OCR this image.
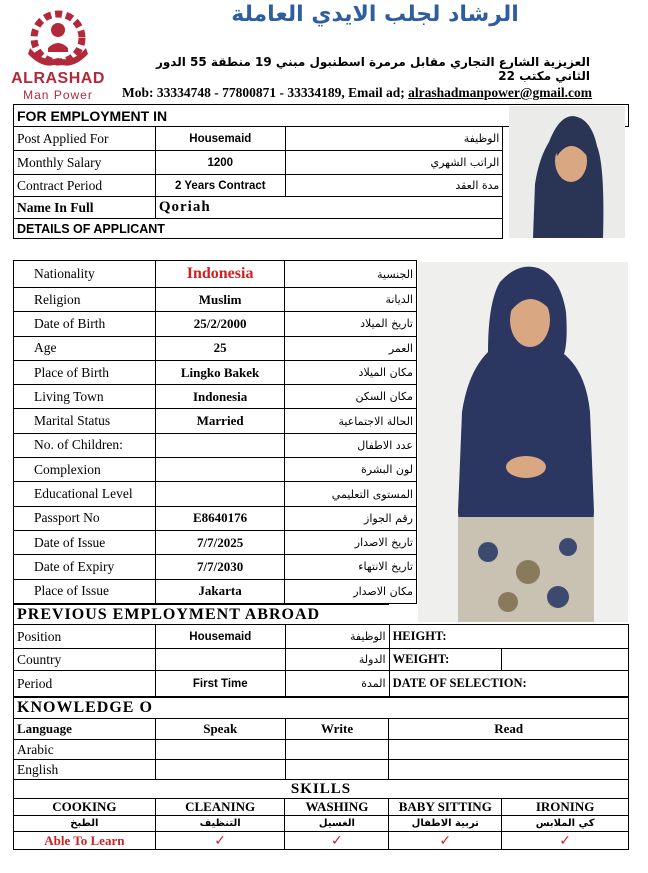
ALRASHAD
Man Power
الرشاد لجلب الايدي العاملة
العزيزية الشارع التجاري مقابل مرمرة اسطنبول مبني 19 منطقة 55 الدور الثاني مكتب 22
Mob: 33334748 - 77800871 - 33334189, Email ad; alrashadmanpower@gmail.com
FOR EMPLOYMENT IN			
Post Applied For	Housemaid	الوظيفة	
Monthly Salary	1200	الراتب الشهري	
Contract Period	2 Years Contract	مدة العقد	
Name In Full	Qoriah		
DETAILS OF APPLICANT			
Nationality	Indonesia	الجنسية
Religion	Muslim	الديانة
Date of Birth	25/2/2000	تاريخ الميلاد
Age	25	العمر
Place of Birth	Lingko Bakek	مكان الميلاد
Living Town	Indonesia	مكان السكن
Marital Status	Married	الحالة الاجتماعية
No. of Children:		عدد الاطفال
Complexion		لون البشرة
Educational Level		المستوى التعليمي
Passport No	E8640176	رقم الجواز
Date of Issue	7/7/2025	تاريخ الاصدار
Date of Expiry	7/7/2030	تاريخ الانتهاء
Place of Issue	Jakarta	مكان الاصدار
PREVIOUS EMPLOYMENT ABROAD				
Position	Housemaid	الوظيفة	HEIGHT:	
Country		الدولة	WEIGHT:	
Period	First Time	المدة	DATE OF SELECTION:	
KNOWLEDGE O			
Language	Speak	Write	Read
Arabic			
English			
SKILLS				
COOKING	CLEANING	WASHING	BABY SITTING	IRONING
الطبخ	التنظيف	الغسيل	تربية الاطفال	كي الملابس
Able To Learn	✓	✓	✓	✓
